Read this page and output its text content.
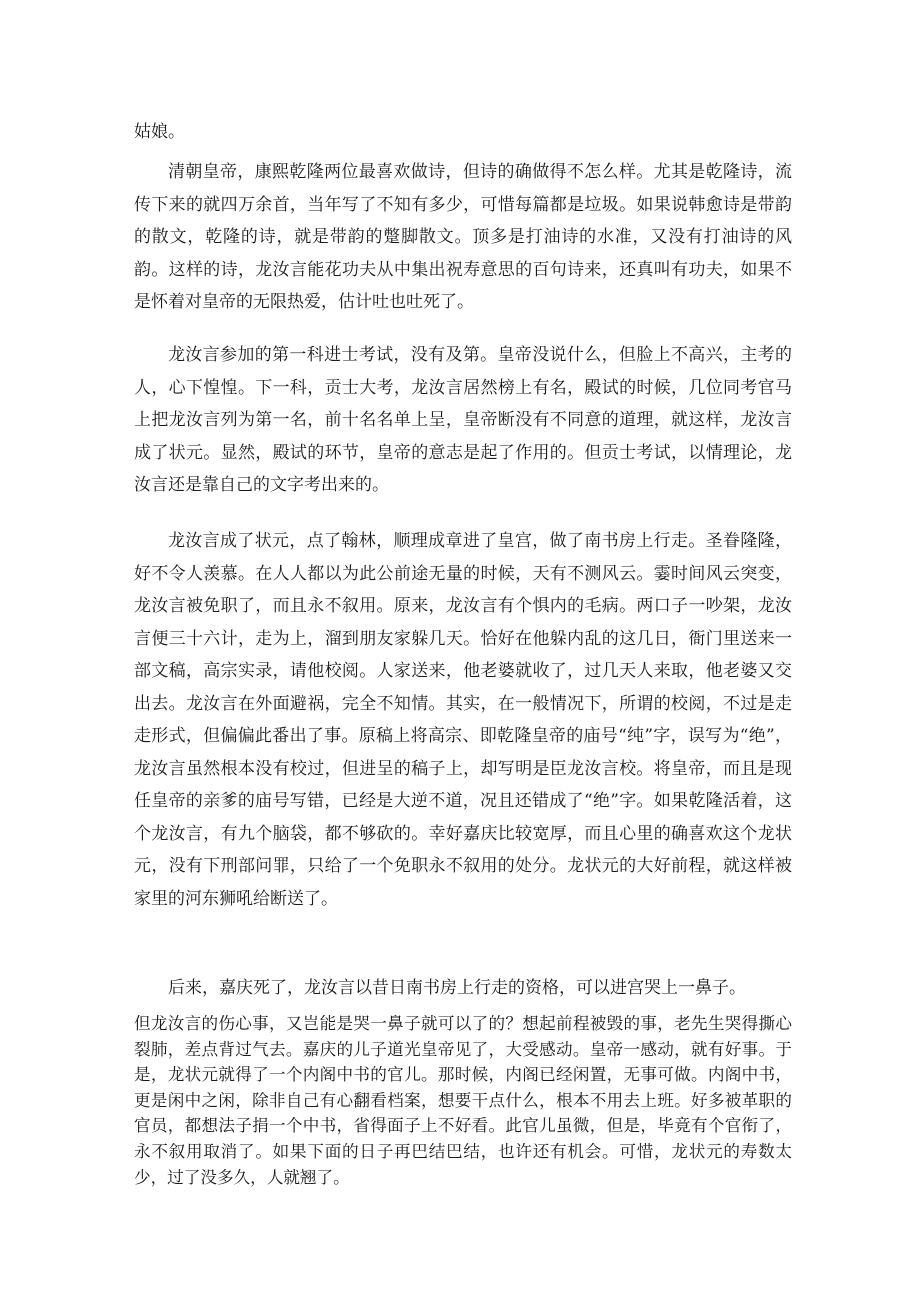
姑娘。

清朝皇帝，康熙乾隆两位最喜欢做诗，但诗的确做得不怎么样。尤其是乾隆诗，流传下来的就四万余首，当年写了不知有多少，可惜每篇都是垃圾。如果说韩愈诗是带韵的散文，乾隆的诗，就是带韵的蹩脚散文。顶多是打油诗的水准，又没有打油诗的风韵。这样的诗，龙汝言能花功夫从中集出祝寿意思的百句诗来，还真叫有功夫，如果不是怀着对皇帝的无限热爱，估计吐也吐死了。

龙汝言参加的第一科进士考试，没有及第。皇帝没说什么，但脸上不高兴，主考的人，心下惶惶。下一科，贡士大考，龙汝言居然榜上有名，殿试的时候，几位同考官马上把龙汝言列为第一名，前十名名单上呈，皇帝断没有不同意的道理，就这样，龙汝言成了状元。显然，殿试的环节，皇帝的意志是起了作用的。但贡士考试，以情理论，龙汝言还是靠自己的文字考出来的。

龙汝言成了状元，点了翰林，顺理成章进了皇宫，做了南书房上行走。圣眷隆隆，好不令人羡慕。在人人都以为此公前途无量的时候，天有不测风云。霎时间风云突变，龙汝言被免职了，而且永不叙用。原来，龙汝言有个惧内的毛病。两口子一吵架，龙汝言便三十六计，走为上，溜到朋友家躲几天。恰好在他躲内乱的这几日，衙门里送来一部文稿，高宗实录，请他校阅。人家送来，他老婆就收了，过几天人来取，他老婆又交出去。龙汝言在外面避祸，完全不知情。其实，在一般情况下，所谓的校阅，不过是走走形式，但偏偏此番出了事。原稿上将高宗、即乾隆皇帝的庙号“纯”字，误写为“绝”，龙汝言虽然根本没有校过，但进呈的稿子上，却写明是臣龙汝言校。将皇帝，而且是现任皇帝的亲爹的庙号写错，已经是大逆不道，况且还错成了“绝”字。如果乾隆活着，这个龙汝言，有九个脑袋，都不够砍的。幸好嘉庆比较宽厚，而且心里的确喜欢这个龙状元，没有下刑部问罪，只给了一个免职永不叙用的处分。龙状元的大好前程，就这样被家里的河东狮吼给断送了。

后来，嘉庆死了，龙汝言以昔日南书房上行走的资格，可以进宫哭上一鼻子。

但龙汝言的伤心事，又岂能是哭一鼻子就可以了的？想起前程被毁的事，老先生哭得撕心裂肺，差点背过气去。嘉庆的儿子道光皇帝见了，大受感动。皇帝一感动，就有好事。于是，龙状元就得了一个内阁中书的官儿。那时候，内阁已经闲置，无事可做。内阁中书，更是闲中之闲，除非自己有心翻看档案，想要干点什么，根本不用去上班。好多被革职的官员，都想法子捐一个中书，省得面子上不好看。此官儿虽微，但是，毕竟有个官衔了，永不叙用取消了。如果下面的日子再巴结巴结，也许还有机会。可惜，龙状元的寿数太少，过了没多久，人就翘了。
